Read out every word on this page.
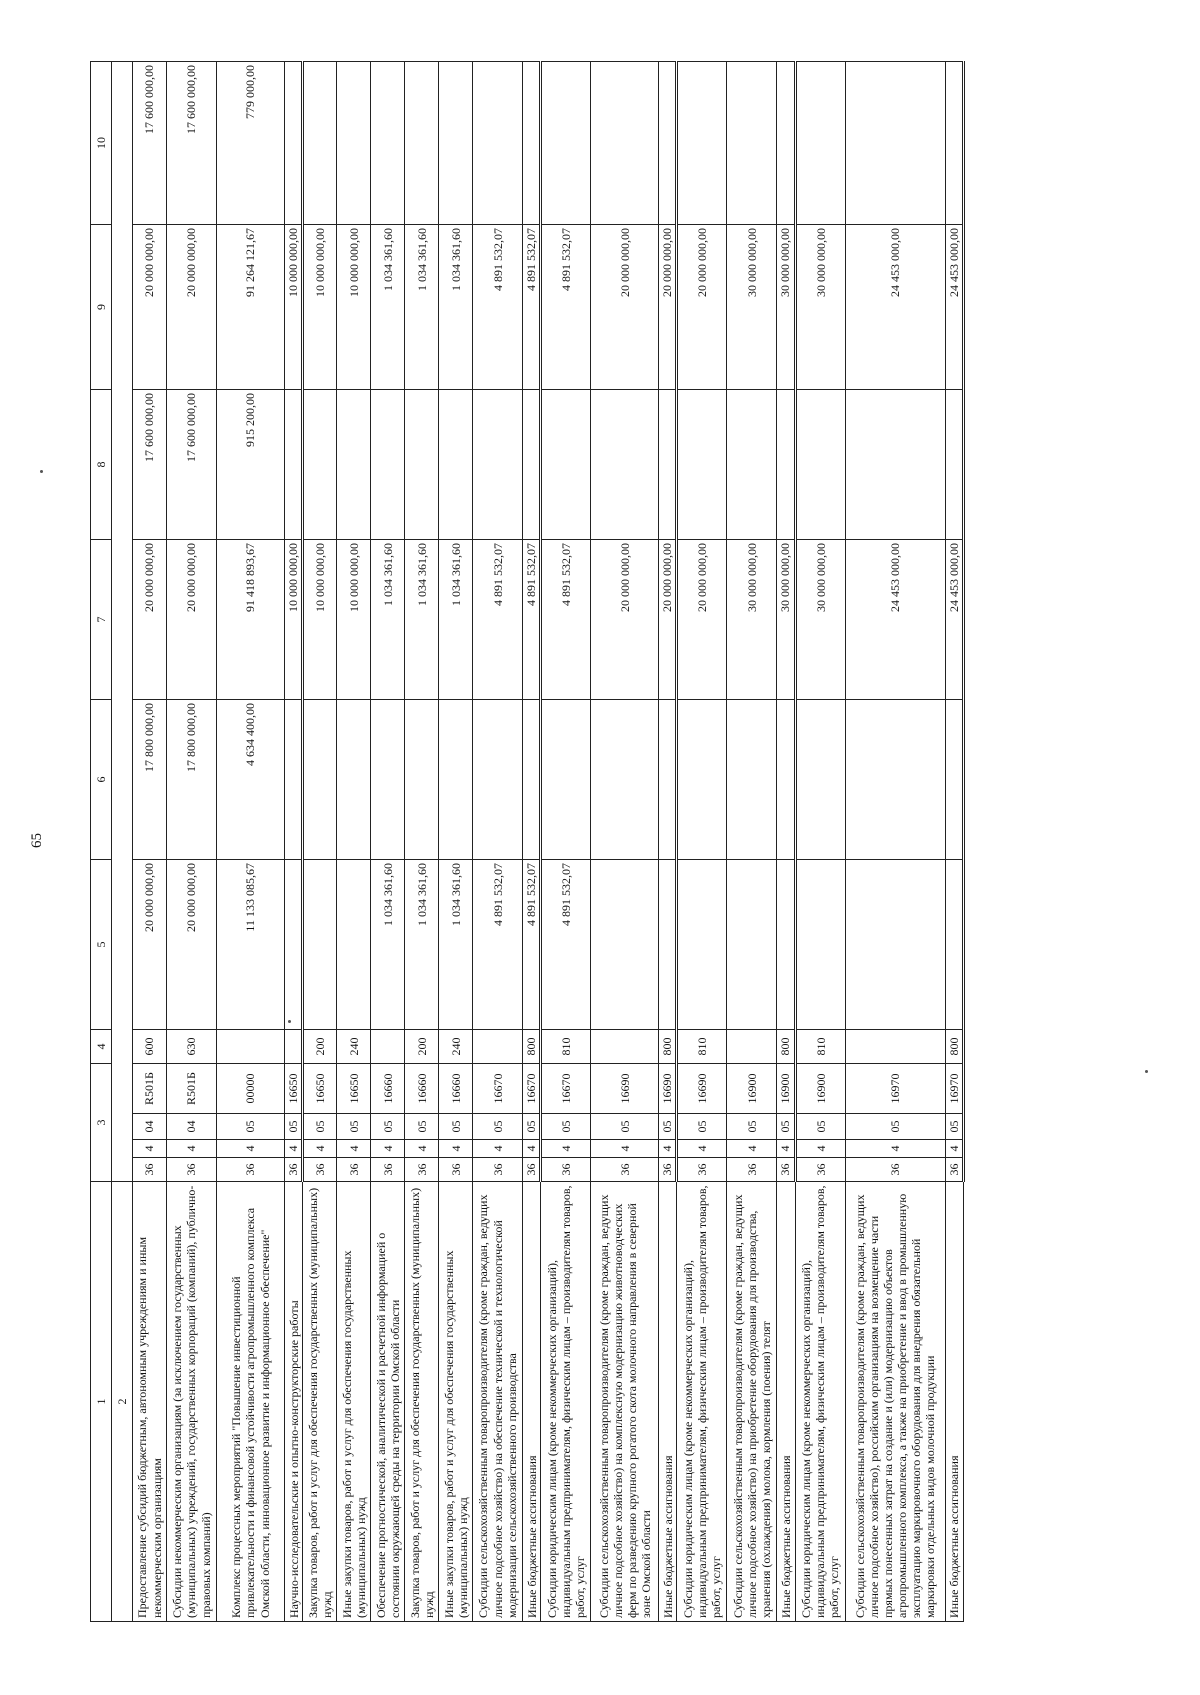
65
1	3				4	5	6	7	8	9	10
2											
Предоставление субсидий бюджетным, автономным учреждениям и иным некоммерческим организациям	36	4	04	R501Б	600	20 000 000,00	17 800 000,00	20 000 000,00	17 600 000,00	20 000 000,00	17 600 000,00
Субсидии некоммерческим организациям (за исключением государственных (муниципальных) учреждений, государственных корпораций (компаний), публично-правовых компаний)	36	4	04	R501Б	630	20 000 000,00	17 800 000,00	20 000 000,00	17 600 000,00	20 000 000,00	17 600 000,00
Комплекс процессных мероприятий "Повышение инвестиционной привлекательности и финансовой устойчивости агропромышленного комплекса Омской области, инновационное развитие и информационное обеспечение"	36	4	05	00000		11 133 085,67	4 634 400,00	91 418 893,67	915 200,00	91 264 121,67	779 000,00
Научно-исследовательские и опытно-конструкторские работы	36	4	05	16650				10 000 000,00		10 000 000,00	
Закупка товаров, работ и услуг для обеспечения государственных (муниципальных) нужд	36	4	05	16650	200			10 000 000,00		10 000 000,00	
Иные закупки товаров, работ и услуг для обеспечения государственных (муниципальных) нужд	36	4	05	16650	240			10 000 000,00		10 000 000,00	
Обеспечение прогностической, аналитической и расчетной информацией о состоянии окружающей среды на территории Омской области	36	4	05	16660		1 034 361,60		1 034 361,60		1 034 361,60	
Закупка товаров, работ и услуг для обеспечения государственных (муниципальных) нужд	36	4	05	16660	200	1 034 361,60		1 034 361,60		1 034 361,60	
Иные закупки товаров, работ и услуг для обеспечения государственных (муниципальных) нужд	36	4	05	16660	240	1 034 361,60		1 034 361,60		1 034 361,60	
Субсидии сельскохозяйственным товаропроизводителям (кроме граждан, ведущих личное подсобное хозяйство) на обеспечение технической и технологической модернизации сельскохозяйственного производства	36	4	05	16670		4 891 532,07		4 891 532,07		4 891 532,07	
Иные бюджетные ассигнования	36	4	05	16670	800	4 891 532,07		4 891 532,07		4 891 532,07	
Субсидии юридическим лицам (кроме некоммерческих организаций), индивидуальным предпринимателям, физическим лицам – производителям товаров, работ, услуг	36	4	05	16670	810	4 891 532,07		4 891 532,07		4 891 532,07	
Субсидии сельскохозяйственным товаропроизводителям (кроме граждан, ведущих личное подсобное хозяйство) на комплексную модернизацию животноводческих ферм по разведению крупного рогатого скота молочного направления в северной зоне Омской области	36	4	05	16690				20 000 000,00		20 000 000,00	
Иные бюджетные ассигнования	36	4	05	16690	800			20 000 000,00		20 000 000,00	
Субсидии юридическим лицам (кроме некоммерческих организаций), индивидуальным предпринимателям, физическим лицам – производителям товаров, работ, услуг	36	4	05	16690	810			20 000 000,00		20 000 000,00	
Субсидии сельскохозяйственным товаропроизводителям (кроме граждан, ведущих личное подсобное хозяйство) на приобретение оборудования для производства, хранения (охлаждения) молока, кормления (поения) телят	36	4	05	16900				30 000 000,00		30 000 000,00	
Иные бюджетные ассигнования	36	4	05	16900	800			30 000 000,00		30 000 000,00	
Субсидии юридическим лицам (кроме некоммерческих организаций), индивидуальным предпринимателям, физическим лицам – производителям товаров, работ, услуг	36	4	05	16900	810			30 000 000,00		30 000 000,00	
Субсидии сельскохозяйственным товаропроизводителям (кроме граждан, ведущих личное подсобное хозяйство), российским организациям на возмещение части прямых понесенных затрат на создание и (или) модернизацию объектов агропромышленного комплекса, а также на приобретение и ввод в промышленную эксплуатацию маркировочного оборудования для внедрения обязательной маркировки отдельных видов молочной продукции	36	4	05	16970				24 453 000,00		24 453 000,00	
Иные бюджетные ассигнования	36	4	05	16970	800			24 453 000,00		24 453 000,00	
